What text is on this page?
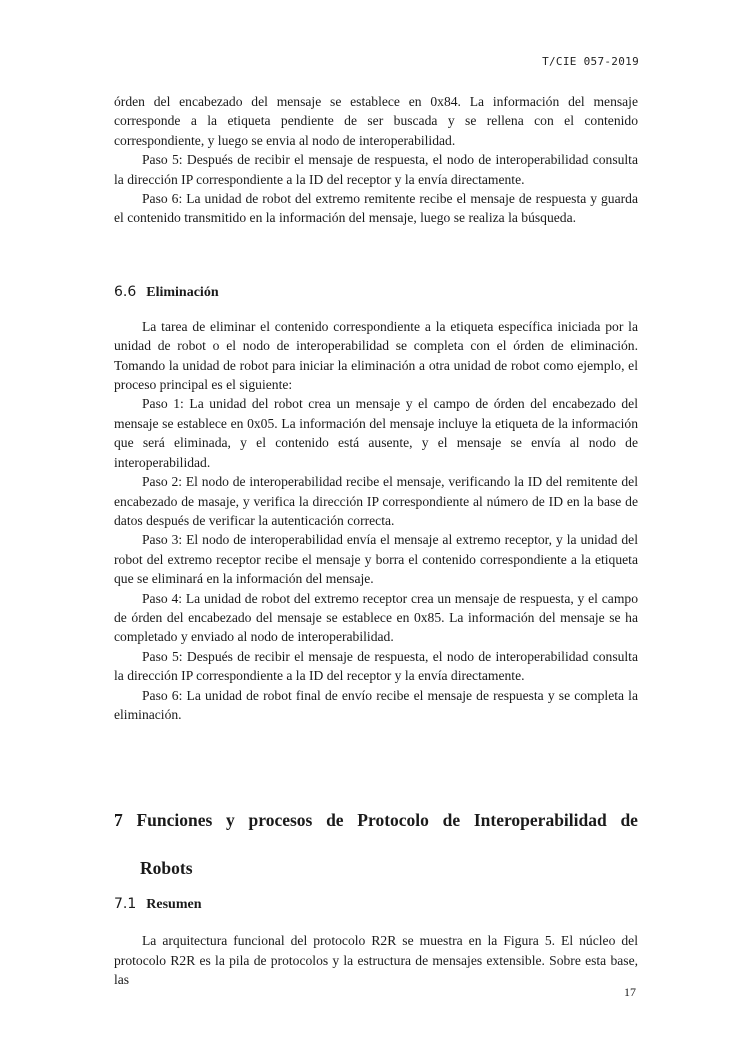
T/CIE 057-2019

órden del encabezado del mensaje se establece en 0x84. La información del mensaje corresponde a la etiqueta pendiente de ser buscada y se rellena con el contenido correspondiente, y luego se envia al nodo de interoperabilidad.

Paso 5: Después de recibir el mensaje de respuesta, el nodo de interoperabilidad consulta la dirección IP correspondiente a la ID del receptor y la envía directamente.

Paso 6: La unidad de robot del extremo remitente recibe el mensaje de respuesta y guarda el contenido transmitido en la información del mensaje, luego se realiza la búsqueda.

6.6 Eliminación

La tarea de eliminar el contenido correspondiente a la etiqueta específica iniciada por la unidad de robot o el nodo de interoperabilidad se completa con el órden de eliminación. Tomando la unidad de robot para iniciar la eliminación a otra unidad de robot como ejemplo, el proceso principal es el siguiente:

Paso 1: La unidad del robot crea un mensaje y el campo de órden del encabezado del mensaje se establece en 0x05. La información del mensaje incluye la etiqueta de la información que será eliminada, y el contenido está ausente, y el mensaje se envía al nodo de interoperabilidad.

Paso 2: El nodo de interoperabilidad recibe el mensaje, verificando la ID del remitente del encabezado de masaje, y verifica la dirección IP correspondiente al número de ID en la base de datos después de verificar la autenticación correcta.

Paso 3: El nodo de interoperabilidad envía el mensaje al extremo receptor, y la unidad del robot del extremo receptor recibe el mensaje y borra el contenido correspondiente a la etiqueta que se eliminará en la información del mensaje.

Paso 4: La unidad de robot del extremo receptor crea un mensaje de respuesta, y el campo de órden del encabezado del mensaje se establece en 0x85. La información del mensaje se ha completado y enviado al nodo de interoperabilidad.

Paso 5: Después de recibir el mensaje de respuesta, el nodo de interoperabilidad consulta la dirección IP correspondiente a la ID del receptor y la envía directamente.

Paso 6: La unidad de robot final de envío recibe el mensaje de respuesta y se completa la eliminación.

7 Funciones y procesos de Protocolo de Interoperabilidad de
Robots
7.1 Resumen

La arquitectura funcional del protocolo R2R se muestra en la Figura 5. El núcleo del protocolo R2R es la pila de protocolos y la estructura de mensajes extensible. Sobre esta base, las

17
